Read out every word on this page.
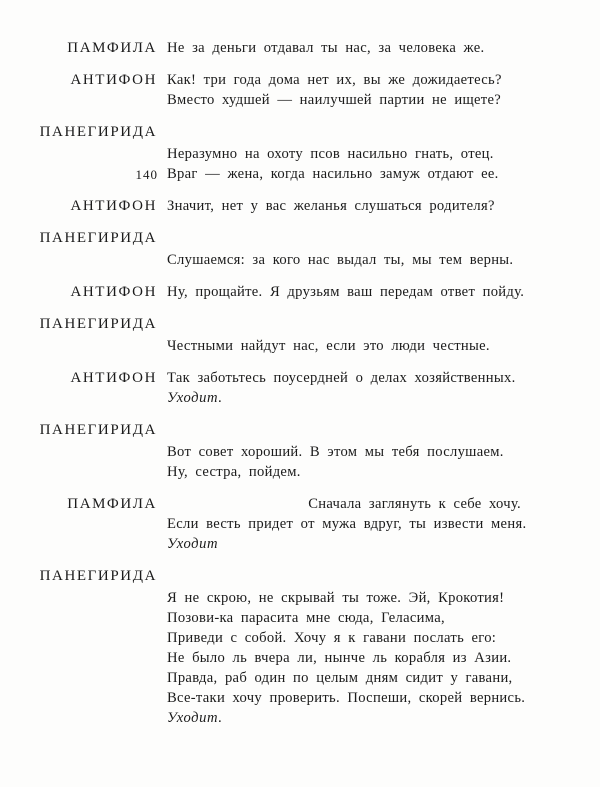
ПАМФИЛА Не за деньги отдавал ты нас, за человека же.
АНТИФОН Как! три года дома нет их, вы же дожидаетесь?
Вместо худшей — наилучшей партии не ищете?
ПАНЕГИРИДА
Неразумно на охоту псов насильно гнать, отец.
140 Враг — жена, когда насильно замуж отдают ее.
АНТИФОН Значит, нет у вас желанья слушаться родителя?
ПАНЕГИРИДА
Слушаемся: за кого нас выдал ты, мы тем верны.
АНТИФОН Ну, прощайте. Я друзьям ваш передам ответ пойду.
ПАНЕГИРИДА
Честными найдут нас, если это люди честные.
АНТИФОН Так заботьтесь поусердней о делах хозяйственных.
Уходит.
ПАНЕГИРИДА
Вот совет хороший. В этом мы тебя послушаем.
Ну, сестра, пойдем.
ПАМФИЛА	Сначала заглянуть к себе хочу.
Если весть придет от мужа вдруг, ты извести меня.
Уходит
ПАНЕГИРИДА
Я не скрою, не скрывай ты тоже. Эй, Крокотия!
Позови-ка парасита мне сюда, Геласима,
Приведи с собой. Хочу я к гавани послать его:
Не было ль вчера ли, нынче ль корабля из Азии.
Правда, раб один по целым дням сидит у гавани,
Все-таки хочу проверить. Поспеши, скорей вернись.
Уходит.
